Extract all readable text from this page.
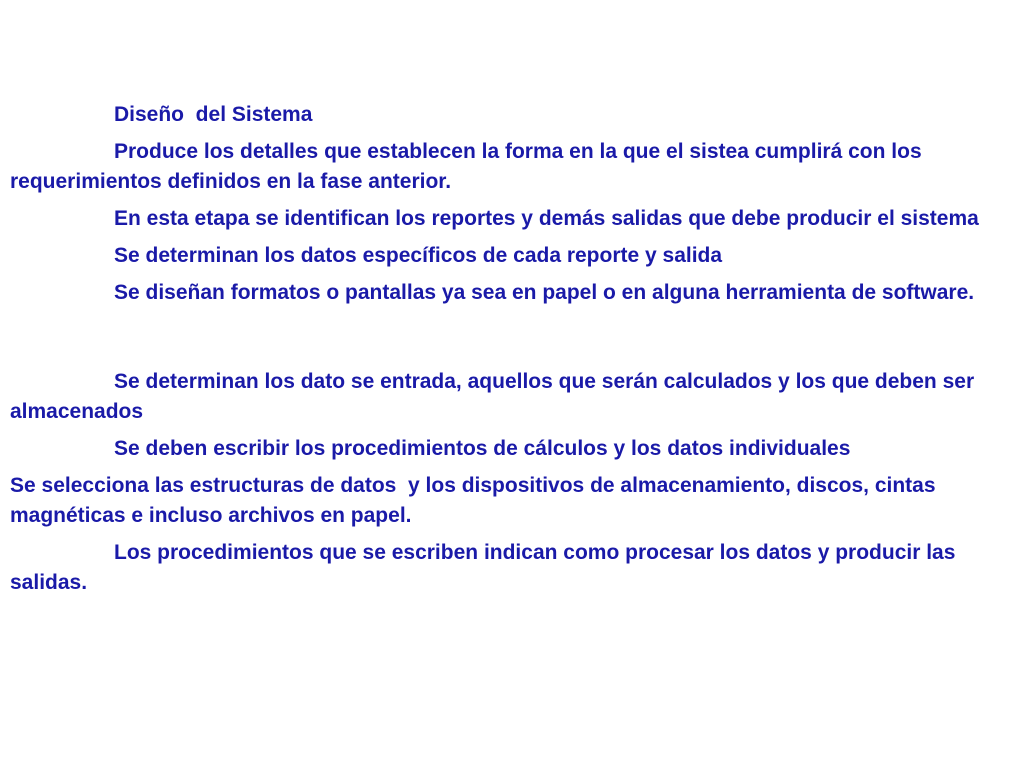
Diseño  del Sistema

Produce los detalles que establecen la forma en la que el sistea cumplirá con los requerimientos definidos en la fase anterior.

En esta etapa se identifican los reportes y demás salidas que debe producir el sistema

Se determinan los datos específicos de cada reporte y salida

Se diseñan formatos o pantallas ya sea en papel o en alguna herramienta de software.

Se determinan los dato se entrada, aquellos que serán calculados y los que deben ser almacenados

Se deben escribir los procedimientos de cálculos y los datos individuales

Se selecciona las estructuras de datos  y los dispositivos de almacenamiento, discos, cintas magnéticas e incluso archivos en papel.

Los procedimientos que se escriben indican como procesar los datos y producir las salidas.
